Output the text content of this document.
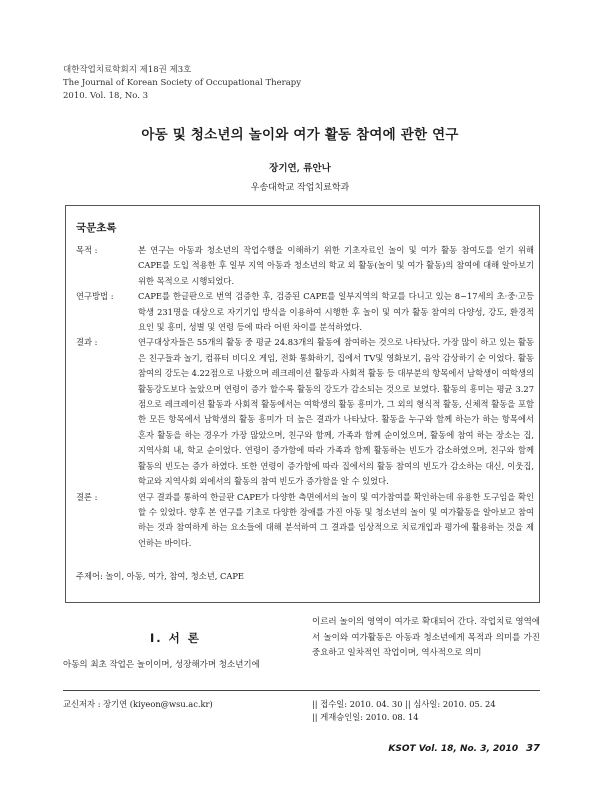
대한작업치료학회지 제18권 제3호
The Journal of Korean Society of Occupational Therapy
2010. Vol. 18, No. 3
아동 및 청소년의 놀이와 여가 활동 참여에 관한 연구
장기연, 류안나
우송대학교 작업치료학과
국문초록
목적 :	본 연구는 아동과 청소년의 작업수행을 이해하기 위한 기초자료인 놀이 및 여가 활동 참여도를 얻기 위해 CAPE를 도입 적용한 후 일부 지역 아동과 청소년의 학교 외 활동(놀이 및 여가 활동)의 참여에 대해 알아보기 위한 목적으로 시행되었다.
연구방법 :	CAPE를 한글판으로 번역 검증한 후, 검증된 CAPE를 일부지역의 학교를 다니고 있는 8~17세의 초·중·고등학생 231명을 대상으로 자기기입 방식을 이용하여 시행한 후 놀이 및 여가 활동 참여의 다양성, 강도, 환경적 요인 및 흥미, 성별 및 연령 등에 따라 어떤 차이를 분석하였다.
결과 :	연구대상자들은 55개의 활동 중 평균 24.83개의 활동에 참여하는 것으로 나타났다. 가장 많이 하고 있는 활동은 친구들과 놀기, 컴퓨터 비디오 게임, 전화 통화하기, 집에서 TV및 영화보기, 음악 감상하기 순 이었다. 활동참여의 강도는 4.22점으로 나왔으며 레크레이션 활동과 사회적 활동 등 대부분의 항목에서 남학생이 여학생의 활동강도보다 높았으며 연령이 증가 할수록 활동의 강도가 감소되는 것으로 보였다. 활동의 흥미는 평균 3.27점으로 레크레이션 활동과 사회적 활동에서는 여학생의 활동 흥미가, 그 외의 형식적 활동, 신체적 활동을 포함한 모든 항목에서 남학생의 활동 흥미가 더 높은 결과가 나타났다. 활동을 누구와 함께 하는가 하는 항목에서 혼자 활동을 하는 경우가 가장 많았으며, 친구와 함께, 가족과 함께 순이었으며, 활동에 참여 하는 장소는 집, 지역사회 내, 학교 순이었다. 연령이 증가함에 따라 가족과 함께 활동하는 빈도가 감소하였으며, 친구와 함께 활동의 빈도는 증가 하였다. 또한 연령이 증가함에 따라 집에서의 활동 참여의 빈도가 감소하는 대신, 이웃집, 학교와 지역사회 외에서의 활동의 참여 빈도가 증가함을 알 수 있었다.
결론 :	연구 결과를 통하여 한글판 CAPE가 다양한 측면에서의 놀이 및 여가참여를 확인하는데 유용한 도구임을 확인 할 수 있었다. 향후 본 연구를 기초로 다양한 장애를 가진 아동 및 청소년의 놀이 및 여가활동을 알아보고 참여하는 것과 참여하게 하는 요소들에 대해 분석하여 그 결과를 임상적으로 치료개입과 평가에 활용하는 것을 제언하는 바이다.
주제어: 놀이, 아동, 여가, 참여, 청소년, CAPE
Ⅰ. 서 론
아동의 최초 작업은 놀이이며, 성장해가며 청소년기에
이르러 놀이의 영역이 여가로 확대되어 간다. 작업치료 영역에서 놀이와 여가활동은 아동과 청소년에게 목적과 의미를 가진 중요하고 일차적인 작업이며, 역사적으로 의미
교신저자 : 장기연 (kiyeon@wsu.ac.kr)	|| 접수일: 2010. 04. 30 || 심사일: 2010. 05. 24
|| 게재승인일: 2010. 08. 14
KSOT Vol. 18, No. 3, 2010 37
